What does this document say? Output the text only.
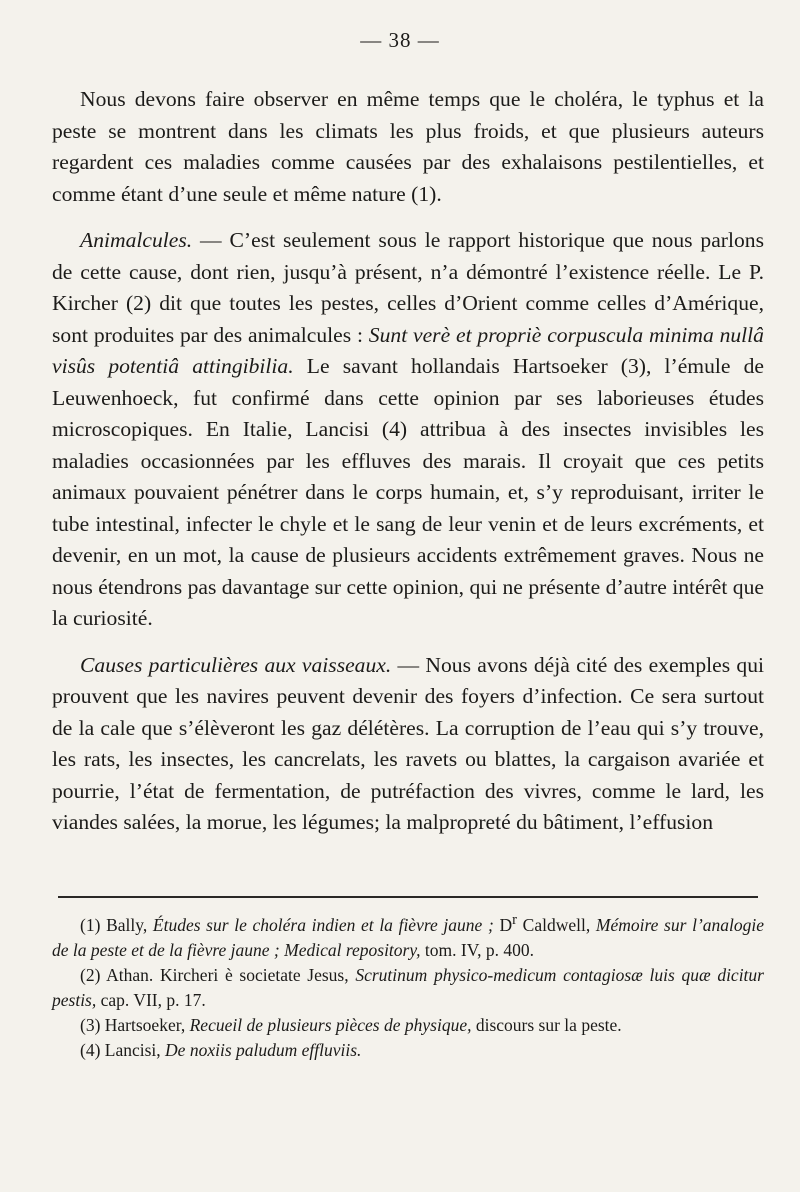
— 38 —

Nous devons faire observer en même temps que le choléra, le typhus et la peste se montrent dans les climats les plus froids, et que plusieurs auteurs regardent ces maladies comme causées par des exhalaisons pestilentielles, et comme étant d’une seule et même nature (1).

Animalcules. — C’est seulement sous le rapport historique que nous parlons de cette cause, dont rien, jusqu’à présent, n’a démontré l’existence réelle. Le P. Kircher (2) dit que toutes les pestes, celles d’Orient comme celles d’Amérique, sont produites par des animalcules : Sunt verè et propriè corpuscula minima nullâ visûs potentiâ attingibilia. Le savant hollandais Hartsoeker (3), l’émule de Leuwenhoeck, fut confirmé dans cette opinion par ses laborieuses études microscopiques. En Italie, Lancisi (4) attribua à des insectes invisibles les maladies occasionnées par les effluves des marais. Il croyait que ces petits animaux pouvaient pénétrer dans le corps humain, et, s’y reproduisant, irriter le tube intestinal, infecter le chyle et le sang de leur venin et de leurs excréments, et devenir, en un mot, la cause de plusieurs accidents extrêmement graves. Nous ne nous étendrons pas davantage sur cette opinion, qui ne présente d’autre intérêt que la curiosité.

Causes particulières aux vaisseaux. — Nous avons déjà cité des exemples qui prouvent que les navires peuvent devenir des foyers d’infection. Ce sera surtout de la cale que s’élèveront les gaz délétères. La corruption de l’eau qui s’y trouve, les rats, les insectes, les cancrelats, les ravets ou blattes, la cargaison avariée et pourrie, l’état de fermentation, de putréfaction des vivres, comme le lard, les viandes salées, la morue, les légumes; la malpropreté du bâtiment, l’effusion

(1) Bally, Études sur le choléra indien et la fièvre jaune ; $D^r$ Caldwell, Mémoire sur l’analogie de la peste et de la fièvre jaune ; Medical repository, tom. IV, p. 400.

(2) Athan. Kircheri è societate Jesus, Scrutinum physico-medicum contagiosæ luis quæ dicitur pestis, cap. VII, p. 17.

(3) Hartsoeker, Recueil de plusieurs pièces de physique, discours sur la peste.

(4) Lancisi, De noxiis paludum effluviis.
